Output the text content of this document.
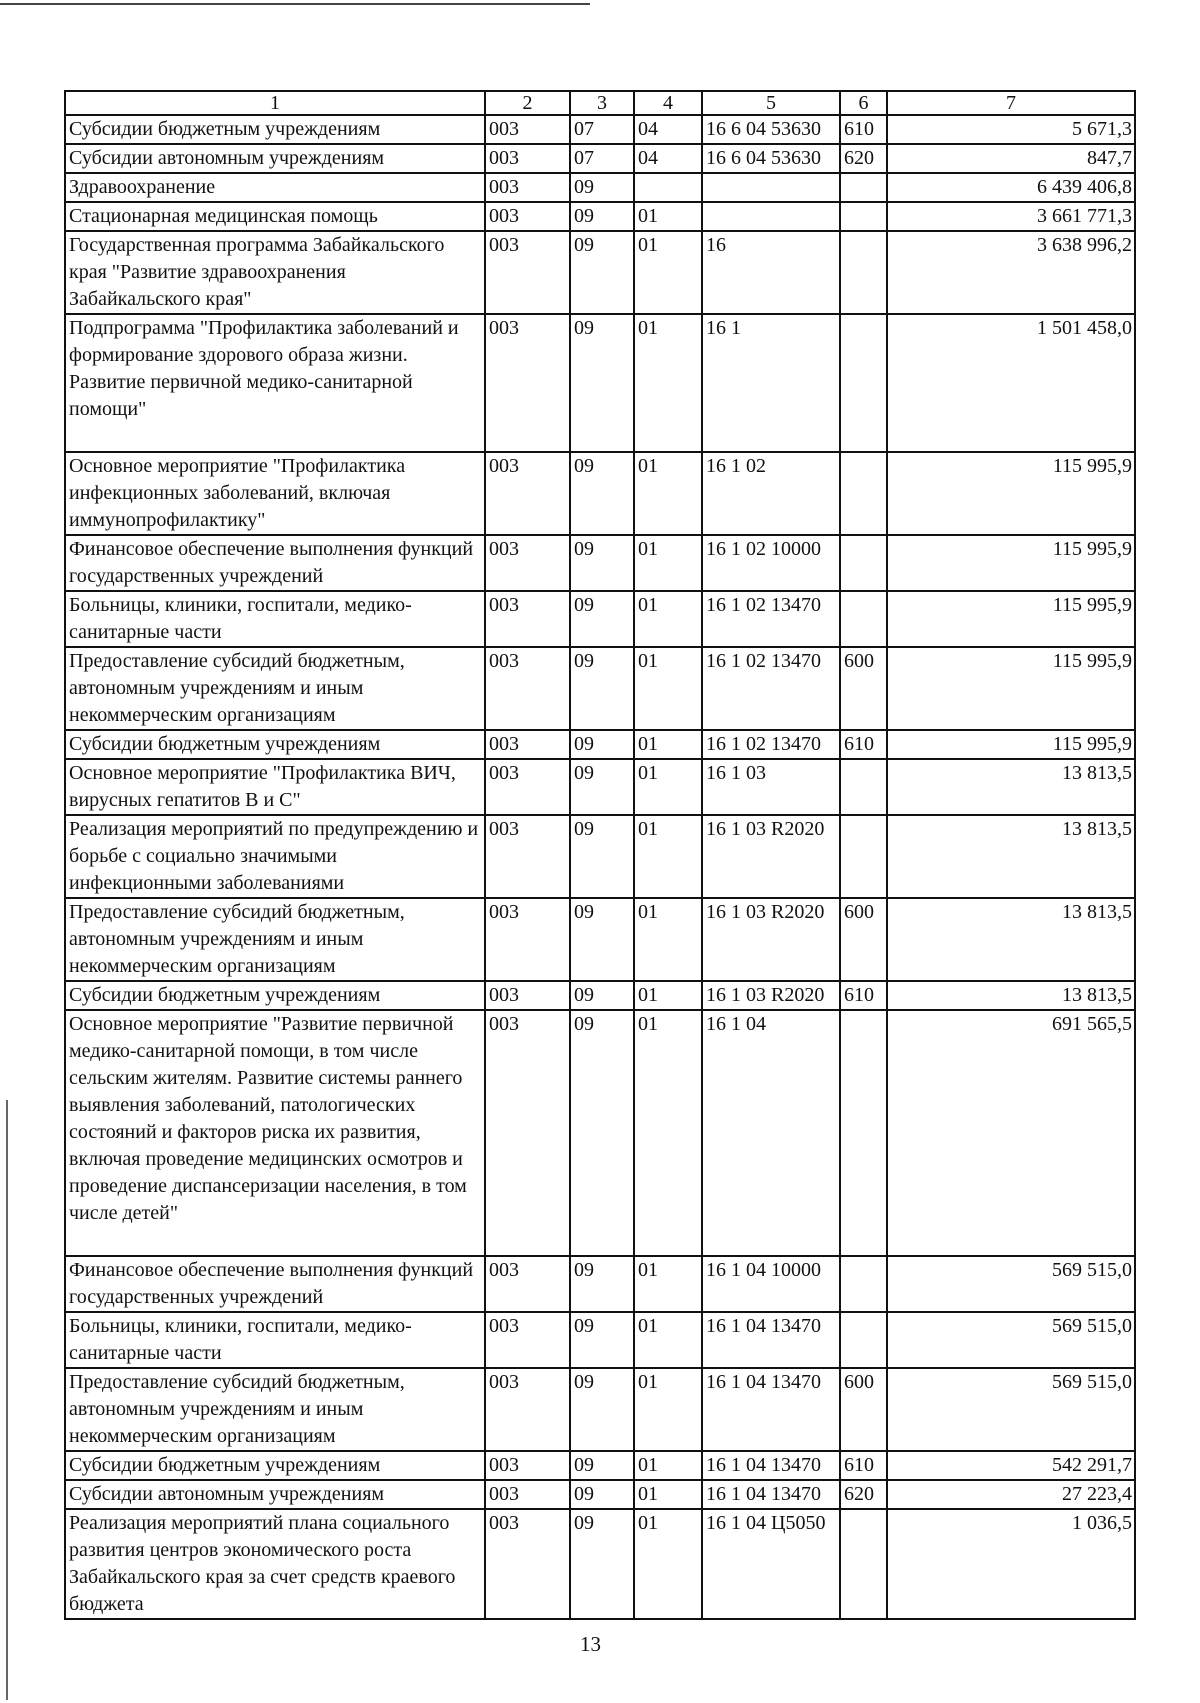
1	2	3	4	5	6	7
Субсидии бюджетным учреждениям	003	07	04	16 6 04 53630	610	5 671,3
Субсидии автономным учреждениям	003	07	04	16 6 04 53630	620	847,7
Здравоохранение	003	09				6 439 406,8
Стационарная медицинская помощь	003	09	01			3 661 771,3
Государственная программа Забайкальского края "Развитие здравоохранения Забайкальского края"	003	09	01	16		3 638 996,2
Подпрограмма "Профилактика заболеваний и формирование здорового образа жизни. Развитие первичной медико-санитарной помощи"	003	09	01	16 1		1 501 458,0
Основное мероприятие "Профилактика инфекционных заболеваний, включая иммунопрофилактику"	003	09	01	16 1 02		115 995,9
Финансовое обеспечение выполнения функций государственных учреждений	003	09	01	16 1 02 10000		115 995,9
Больницы, клиники, госпитали, медико-санитарные части	003	09	01	16 1 02 13470		115 995,9
Предоставление субсидий бюджетным, автономным учреждениям и иным некоммерческим организациям	003	09	01	16 1 02 13470	600	115 995,9
Субсидии бюджетным учреждениям	003	09	01	16 1 02 13470	610	115 995,9
Основное мероприятие "Профилактика ВИЧ, вирусных гепатитов В и С"	003	09	01	16 1 03		13 813,5
Реализация мероприятий по предупреждению и борьбе с социально значимыми инфекционными заболеваниями	003	09	01	16 1 03 R2020		13 813,5
Предоставление субсидий бюджетным, автономным учреждениям и иным некоммерческим организациям	003	09	01	16 1 03 R2020	600	13 813,5
Субсидии бюджетным учреждениям	003	09	01	16 1 03 R2020	610	13 813,5
Основное мероприятие "Развитие первичной медико-санитарной помощи, в том числе сельским жителям. Развитие системы раннего выявления заболеваний, патологических состояний и факторов риска их развития, включая проведение медицинских осмотров и проведение диспансеризации населения, в том числе детей"	003	09	01	16 1 04		691 565,5
Финансовое обеспечение выполнения функций государственных учреждений	003	09	01	16 1 04 10000		569 515,0
Больницы, клиники, госпитали, медико-санитарные части	003	09	01	16 1 04 13470		569 515,0
Предоставление субсидий бюджетным, автономным учреждениям и иным некоммерческим организациям	003	09	01	16 1 04 13470	600	569 515,0
Субсидии бюджетным учреждениям	003	09	01	16 1 04 13470	610	542 291,7
Субсидии автономным учреждениям	003	09	01	16 1 04 13470	620	27 223,4
Реализация мероприятий плана социального развития центров экономического роста Забайкальского края за счет средств краевого бюджета	003	09	01	16 1 04 Ц5050		1 036,5
13
